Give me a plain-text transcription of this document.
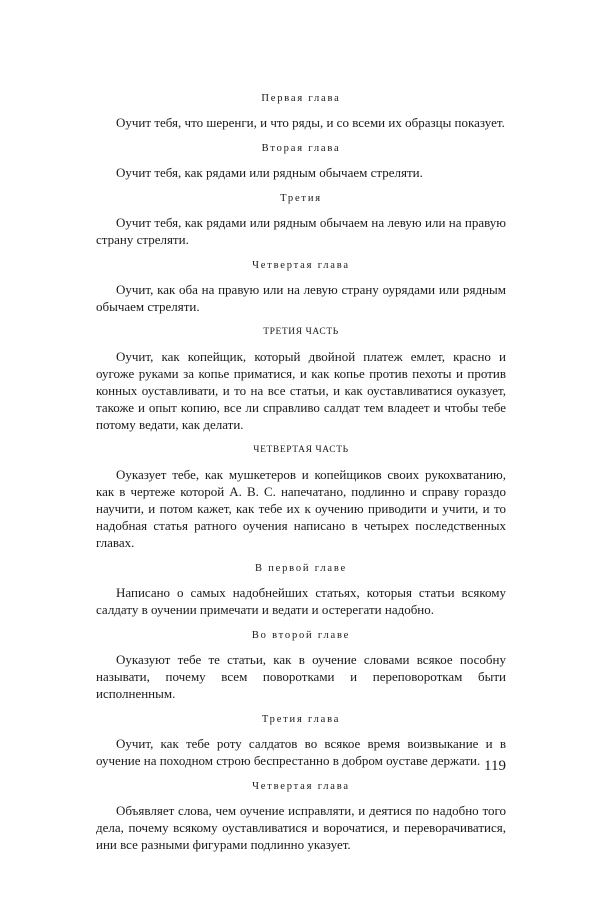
Первая глава

Оучит тебя, что шеренги, и что ряды, и со всеми их образцы показует.

Вторая глава

Оучит тебя, как рядами или рядным обычаем стреляти.

Третия

Оучит тебя, как рядами или рядным обычаем на левую или на правую страну стреляти.

Четвертая глава

Оучит, как оба на правую или на левую страну оурядами или рядным обычаем стреляти.

ТРЕТИЯ ЧАСТЬ

Оучит, как копейщик, который двойной платеж емлет, красно и оугоже руками за копье приматися, и как копье против пехоты и против конных оуставливати, и то на все статьи, и как оуставливатися оуказует, такоже и опыт копию, все ли справливо салдат тем владеет и чтобы тебе потому ведати, как делати.

ЧЕТВЕРТАЯ ЧАСТЬ

Оуказует тебе, как мушкетеров и копейщиков своих рукохватанию, как в чертеже которой А. В. С. напечатано, подлинно и справу гораздо научити, и потом кажет, как тебе их к оучению приводити и учити, и то надобная статья ратного оучения написано в четырех последственных главах.

В первой главе

Написано о самых надобнейших статьях, которыя статьи всякому салдату в оучении примечати и ведати и остерегати надобно.

Во второй главе

Оуказуют тебе те статьи, как в оучение словами всякое пособну называти, почему всем поворотками и переповороткам быти исполненным.

Третия глава

Оучит, как тебе роту салдатов во всякое время воизвыкание и в оучение на походном строю беспрестанно в добром оуставе держати.

Четвертая глава

Объявляет слова, чем оучение исправляти, и деятися по надобно того дела, почему всякому оуставливатися и ворочатися, и переворачиватися, ини все разными фигурами подлинно указует.

119
